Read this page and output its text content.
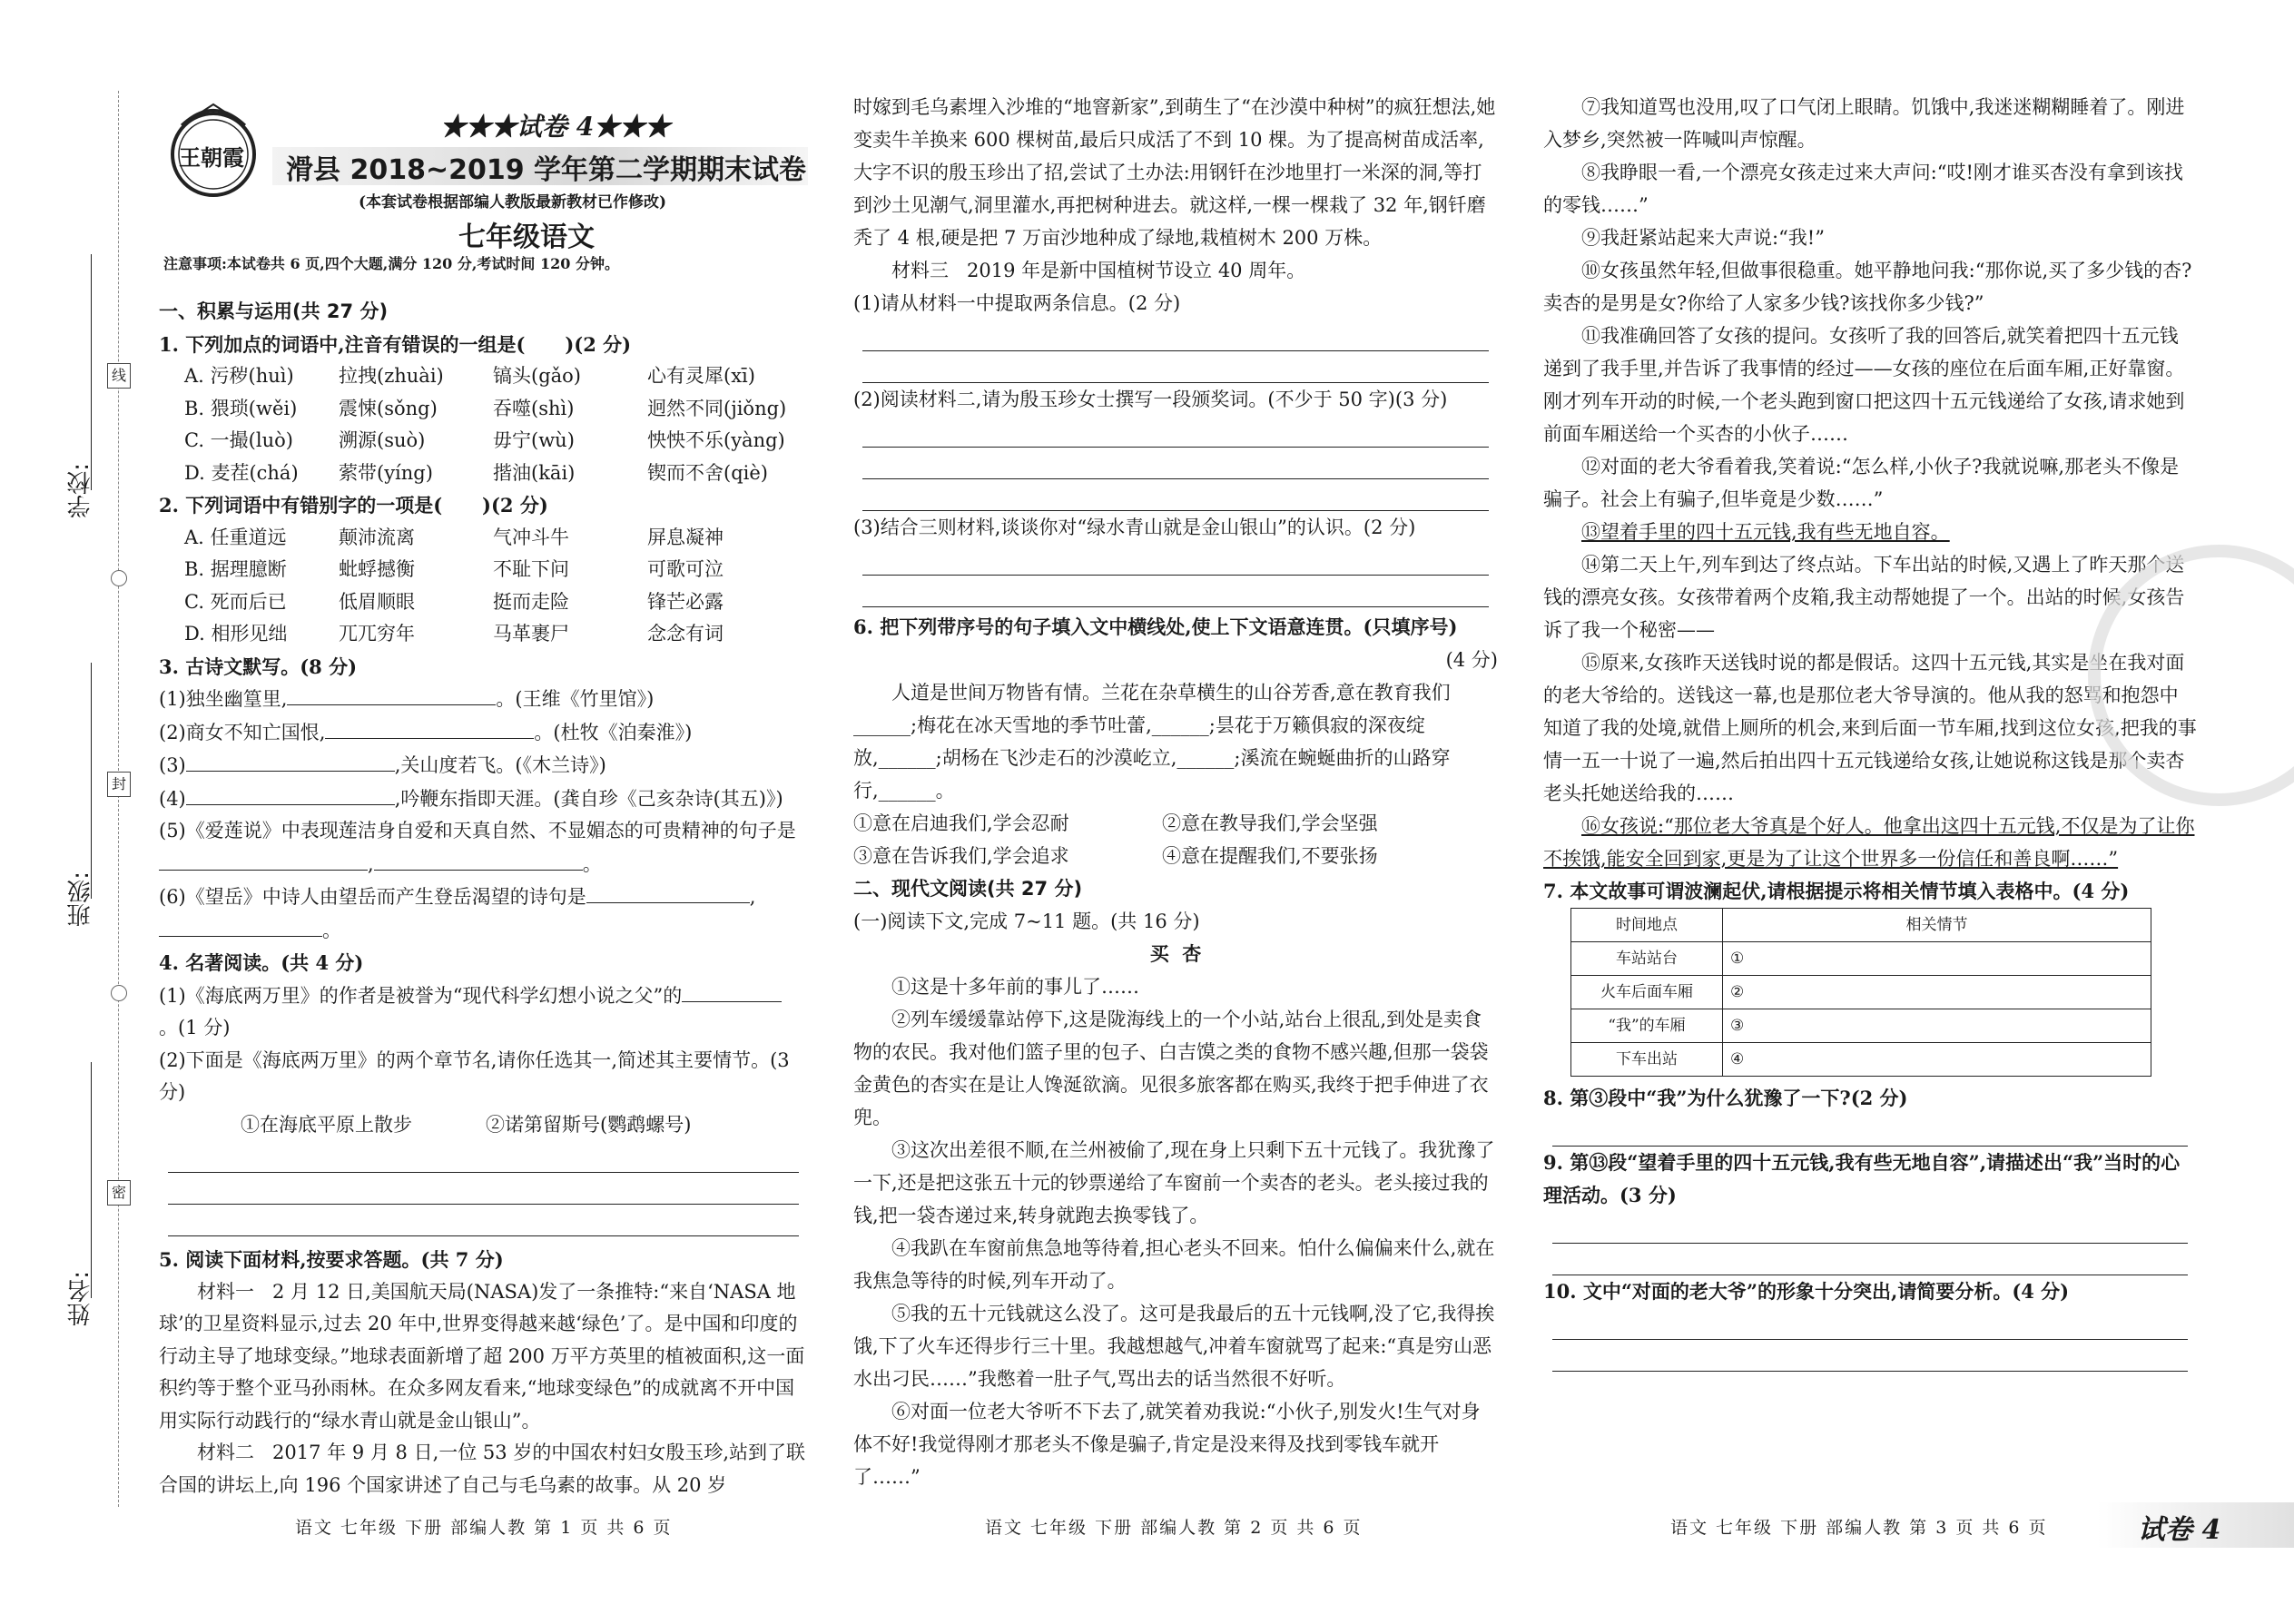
学校:
班级:
姓名:
线
封
密
王朝霞
★★★试卷 4★★★
滑县 2018~2019 学年第二学期期末试卷
(本套试卷根据部编人教版最新教材已作修改)
七年级语文
注意事项:本试卷共 6 页,四个大题,满分 120 分,考试时间 120 分钟。

一、积累与运用(共 27 分)

1. 下列加点的词语中,注音有错误的一组是(      )(2 分)

A. 污秽(huì)	拉拽(zhuài)	镐头(gǎo)	心有灵犀(xī)
B. 猥琐(wěi)	震悚(sǒng)	吞噬(shì)	迥然不同(jiǒng)
C. 一撮(luò)	溯源(suò)	毋宁(wù)	怏怏不乐(yàng)
D. 麦茬(chá)	萦带(yíng)	揩油(kāi)	锲而不舍(qiè)

2. 下列词语中有错别字的一项是(      )(2 分)

A. 任重道远	颠沛流离	气冲斗牛	屏息凝神
B. 据理臆断	蚍蜉撼衡	不耻下问	可歌可泣
C. 死而后已	低眉顺眼	挺而走险	锋芒必露
D. 相形见绌	兀兀穷年	马革裹尸	念念有词

3. 古诗文默写。(8 分)

(1)独坐幽篁里,	。(王维《竹里馆》)

(2)商女不知亡国恨,	。(杜牧《泊秦淮》)

(3)	,关山度若飞。(《木兰诗》)

(4)	,吟鞭东指即天涯。(龚自珍《己亥杂诗(其五)》)

(5)《爱莲说》中表现莲洁身自爱和天真自然、不显媚态的可贵精神的句子是

,	。

(6)《望岳》中诗人由望岳而产生登岳渴望的诗句是	,

。

4. 名著阅读。(共 4 分)

(1)《海底两万里》的作者是被誉为“现代科学幻想小说之父”的

。(1 分)

(2)下面是《海底两万里》的两个章节名,请你任选其一,简述其主要情节。(3 分)

①在海底平原上散步	②诺第留斯号(鹦鹉螺号)

5. 阅读下面材料,按要求答题。(共 7 分)

材料一   2 月 12 日,美国航天局(NASA)发了一条推特:“来自‘NASA 地球’的卫星资料显示,过去 20 年中,世界变得越来越‘绿色’了。是中国和印度的行动主导了地球变绿。”地球表面新增了超 200 万平方英里的植被面积,这一面积约等于整个亚马孙雨林。在众多网友看来,“地球变绿色”的成就离不开中国用实际行动践行的“绿水青山就是金山银山”。

材料二   2017 年 9 月 8 日,一位 53 岁的中国农村妇女殷玉珍,站到了联合国的讲坛上,向 196 个国家讲述了自己与毛乌素的故事。从 20 岁

时嫁到毛乌素埋入沙堆的“地窨新家”,到萌生了“在沙漠中种树”的疯狂想法,她变卖牛羊换来 600 棵树苗,最后只成活了不到 10 棵。为了提高树苗成活率,大字不识的殷玉珍出了招,尝试了土办法:用钢钎在沙地里打一米深的洞,等打到沙土见潮气,洞里灌水,再把树种进去。就这样,一棵一棵栽了 32 年,钢钎磨秃了 4 根,硬是把 7 万亩沙地种成了绿地,栽植树木 200 万株。

材料三   2019 年是新中国植树节设立 40 周年。

(1)请从材料一中提取两条信息。(2 分)

(2)阅读材料二,请为殷玉珍女士撰写一段颁奖词。(不少于 50 字)(3 分)

(3)结合三则材料,谈谈你对“绿水青山就是金山银山”的认识。(2 分)

6. 把下列带序号的句子填入文中横线处,使上下文语意连贯。(只填序号)

(4 分)

人道是世间万物皆有情。兰花在杂草横生的山谷芳香,意在教育我们______;梅花在冰天雪地的季节吐蕾,______;昙花于万籁俱寂的深夜绽放,______;胡杨在飞沙走石的沙漠屹立,______;溪流在蜿蜒曲折的山路穿行,______。

①意在启迪我们,学会忍耐	②意在教导我们,学会坚强

③意在告诉我们,学会追求	④意在提醒我们,不要张扬

二、现代文阅读(共 27 分)

(一)阅读下文,完成 7~11 题。(共 16 分)

买  杏

①这是十多年前的事儿了……

②列车缓缓靠站停下,这是陇海线上的一个小站,站台上很乱,到处是卖食物的农民。我对他们篮子里的包子、白吉馍之类的食物不感兴趣,但那一袋袋金黄色的杏实在是让人馋涎欲滴。见很多旅客都在购买,我终于把手伸进了衣兜。

③这次出差很不顺,在兰州被偷了,现在身上只剩下五十元钱了。我犹豫了一下,还是把这张五十元的钞票递给了车窗前一个卖杏的老头。老头接过我的钱,把一袋杏递过来,转身就跑去换零钱了。

④我趴在车窗前焦急地等待着,担心老头不回来。怕什么偏偏来什么,就在我焦急等待的时候,列车开动了。

⑤我的五十元钱就这么没了。这可是我最后的五十元钱啊,没了它,我得挨饿,下了火车还得步行三十里。我越想越气,冲着车窗就骂了起来:“真是穷山恶水出刁民……”我憋着一肚子气,骂出去的话当然很不好听。

⑥对面一位老大爷听不下去了,就笑着劝我说:“小伙子,别发火!生气对身体不好!我觉得刚才那老头不像是骗子,肯定是没来得及找到零钱车就开了……”

⑦我知道骂也没用,叹了口气闭上眼睛。饥饿中,我迷迷糊糊睡着了。刚进入梦乡,突然被一阵喊叫声惊醒。

⑧我睁眼一看,一个漂亮女孩走过来大声问:“哎!刚才谁买杏没有拿到该找的零钱……”

⑨我赶紧站起来大声说:“我!”

⑩女孩虽然年轻,但做事很稳重。她平静地问我:“那你说,买了多少钱的杏?卖杏的是男是女?你给了人家多少钱?该找你多少钱?”

⑪我准确回答了女孩的提问。女孩听了我的回答后,就笑着把四十五元钱递到了我手里,并告诉了我事情的经过——女孩的座位在后面车厢,正好靠窗。刚才列车开动的时候,一个老头跑到窗口把这四十五元钱递给了女孩,请求她到前面车厢送给一个买杏的小伙子……

⑫对面的老大爷看着我,笑着说:“怎么样,小伙子?我就说嘛,那老头不像是骗子。社会上有骗子,但毕竟是少数……”

⑬望着手里的四十五元钱,我有些无地自容。

⑭第二天上午,列车到达了终点站。下车出站的时候,又遇上了昨天那个送钱的漂亮女孩。女孩带着两个皮箱,我主动帮她提了一个。出站的时候,女孩告诉了我一个秘密——

⑮原来,女孩昨天送钱时说的都是假话。这四十五元钱,其实是坐在我对面的老大爷给的。送钱这一幕,也是那位老大爷导演的。他从我的怒骂和抱怨中知道了我的处境,就借上厕所的机会,来到后面一节车厢,找到这位女孩,把我的事情一五一十说了一遍,然后拍出四十五元钱递给女孩,让她说称这钱是那个卖杏老头托她送给我的……

⑯女孩说:“那位老大爷真是个好人。他拿出这四十五元钱,不仅是为了让你不挨饿,能安全回到家,更是为了让这个世界多一份信任和善良啊……”

7. 本文故事可谓波澜起伏,请根据提示将相关情节填入表格中。(4 分)

时间地点	相关情节
车站站台	①
火车后面车厢	②
“我”的车厢	③
下车出站	④

8. 第③段中“我”为什么犹豫了一下?(2 分)

9. 第⑬段“望着手里的四十五元钱,我有些无地自容”,请描述出“我”当时的心理活动。(3 分)

10. 文中“对面的老大爷”的形象十分突出,请简要分析。(4 分)

语文 七年级 下册 部编人教 第 1 页 共 6 页	语文 七年级 下册 部编人教 第 2 页 共 6 页	语文 七年级 下册 部编人教 第 3 页 共 6 页	试卷 4
